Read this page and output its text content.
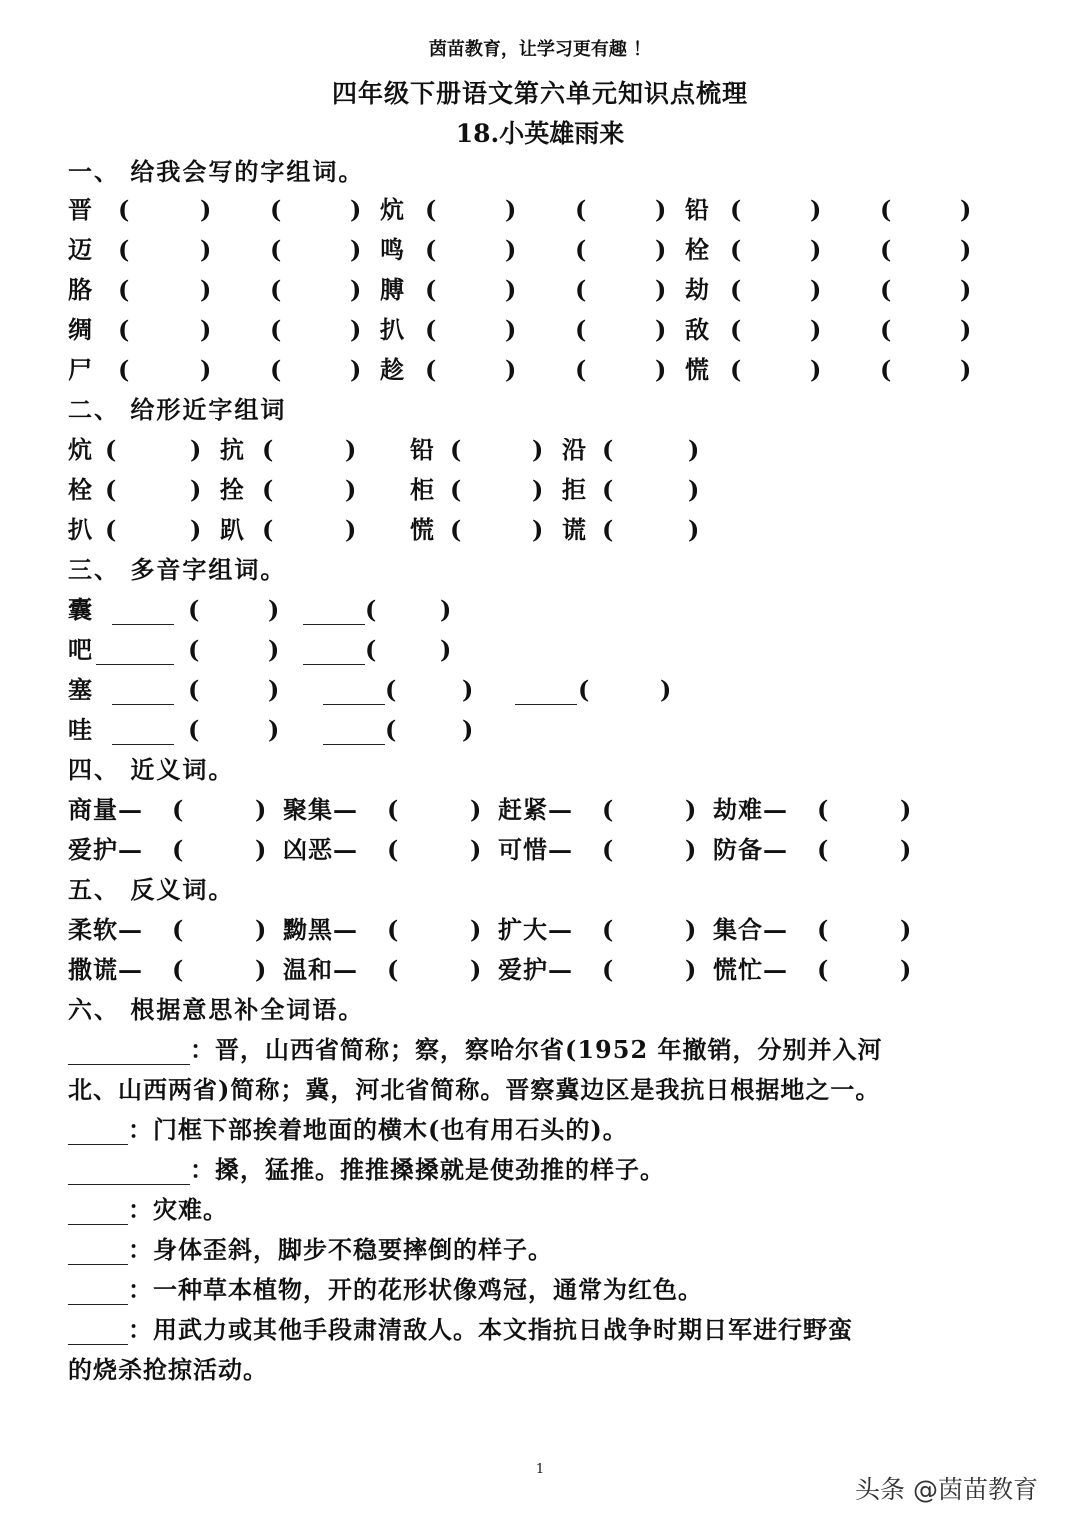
茵苗教育，让学习更有趣 ！
四年级下册语文第六单元知识点梳理
18.小英雄雨来
一、 给我会写的字组词。
晋 (	) (	) 炕 (	) (	) 铅 (	) (	)
迈 (	) (	) 鸣 (	) (	) 栓 (	) (	)
胳 (	) (	) 膊 (	) (	) 劫 (	) (	)
绸 (	) (	) 扒 (	) (	) 敌 (	) (	)
尸 (	) (	) 趁 (	) (	) 慌 (	) (	)
二、 给形近字组词
炕 (	) 抗 (	) 铅 (	) 沿 (	)
栓 (	) 拴 (	) 柜 (	) 拒 (	)
扒 (	) 趴 (	) 慌 (	) 谎 (	)
三、 多音字组词。
囊	(	)	(	)
吧	(	)	(	)
塞	(	)	(	)	(	)
哇	(	)	(	)
四、 近义词。
商量— (	) 聚集— (	) 赶紧— (	) 劫难— (	)
爱护— (	) 凶恶— (	) 可惜— (	) 防备— (	)
五、 反义词。
柔软— (	) 黝黑— (	) 扩大— (	) 集合— (	)
撒谎— (	) 温和— (	) 爱护— (	) 慌忙— (	)
六、 根据意思补全词语。
：晋，山西省简称；察，察哈尔省(1952 年撤销，分别并入河
北、山西两省)简称；冀，河北省简称。晋察冀边区是我抗日根据地之一。
：门框下部挨着地面的横木(也有用石头的)。
：搡，猛推。推推搡搡就是使劲推的样子。
：灾难。
：身体歪斜，脚步不稳要摔倒的样子。
：一种草本植物，开的花形状像鸡冠，通常为红色。
：用武力或其他手段肃清敌人。本文指抗日战争时期日军进行野蛮
的烧杀抢掠活动。
1
头条 @茵苗教育
